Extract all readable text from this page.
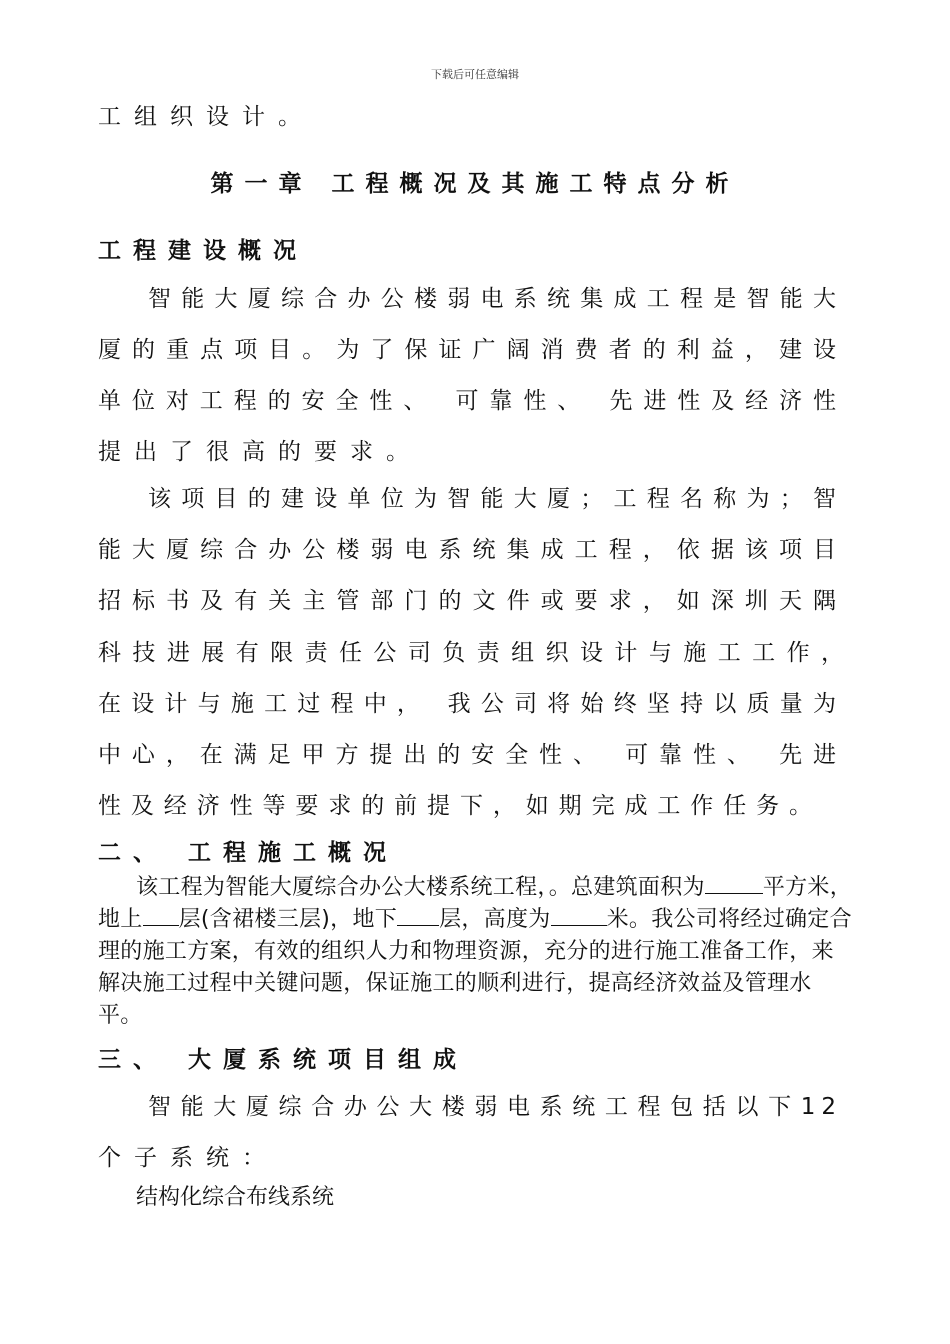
下载后可任意编辑
工组织设计。
第一章 工程概况及其施工特点分析
工程建设概况
智能大厦综合办公楼弱电系统集成工程是智能大
厦的重点项目。为了保证广阔消费者的利益，建设
单位对工程的安全性、 可靠性、 先进性及经济性
提出了很高的要求。
该项目的建设单位为智能大厦；工程名称为；智
能大厦综合办公楼弱电系统集成工程，依据该项目
招标书及有关主管部门的文件或要求，如深圳天隅
科技进展有限责任公司负责组织设计与施工工作，
在设计与施工过程中， 我公司将始终坚持以质量为
中心，在满足甲方提出的安全性、 可靠性、 先进
性及经济性等要求的前提下，如期完成工作任务。
二、 工程施工概况

该工程为智能大厦综合办公大楼系统工程，。总建筑面积为	平方米，地上 层(含裙楼三层)，地下 层，高度为	米。我公司将经过确定合理的施工方案，有效的组织人力和物理资源，充分的进行施工准备工作，来解决施工过程中关键问题，保证施工的顺利进行，提高经济效益及管理水平。

三、 大厦系统项目组成
智能大厦综合办公大楼弱电系统工程包括以下12
个子系统：
结构化综合布线系统
